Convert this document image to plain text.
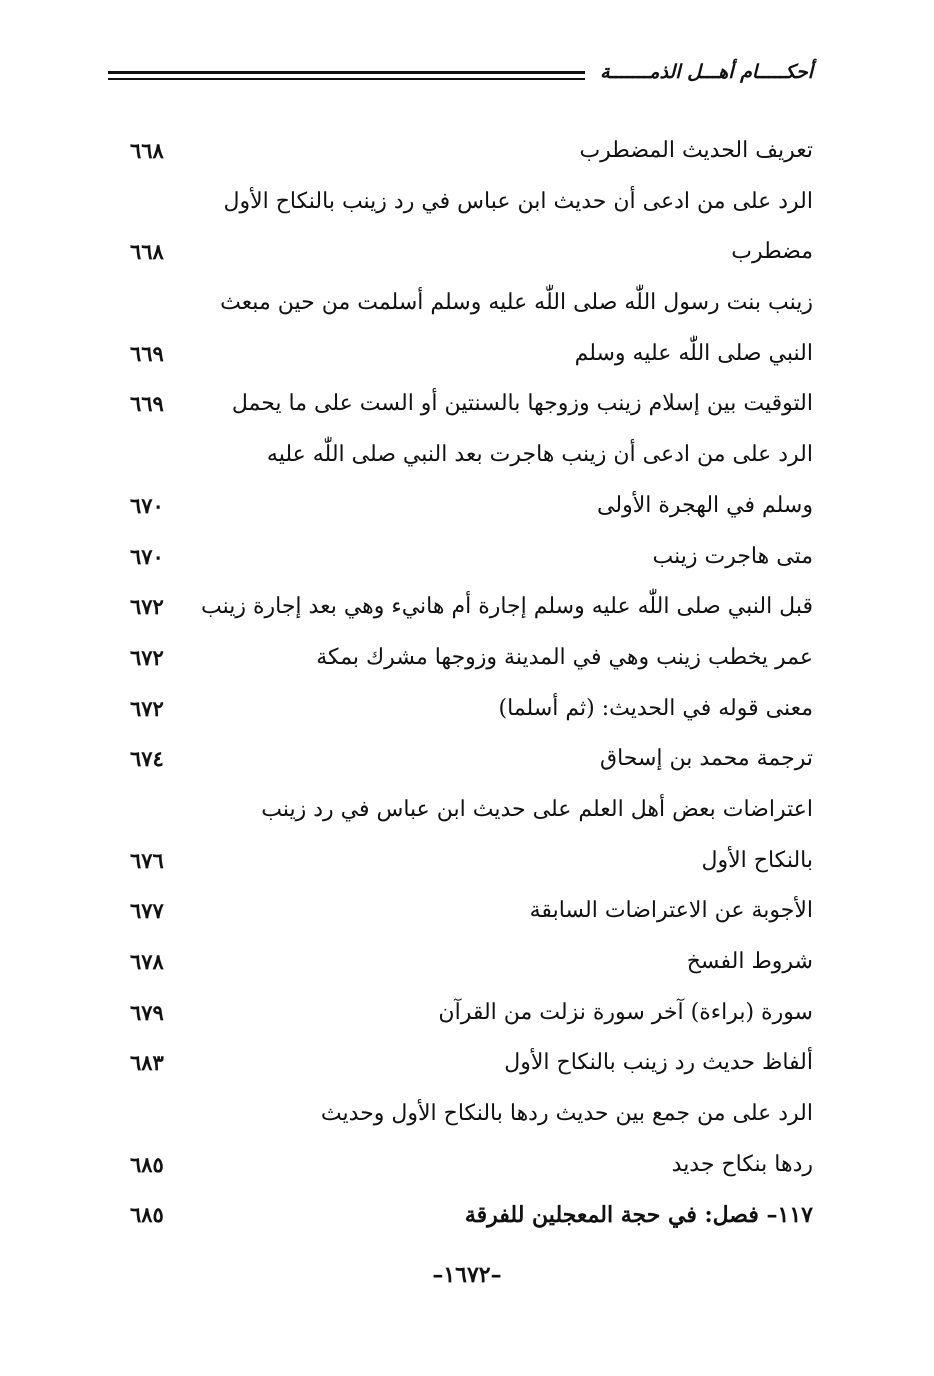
أحكـــــام أهـــل الذمـــــــة
تعريف الحديث المضطرب
٦٦٨
الرد على من ادعى أن حديث ابن عباس في رد زينب بالنكاح الأول
مضطرب
٦٦٨
زينب بنت رسول اللّٰه صلى اللّٰه عليه وسلم أسلمت من حين مبعث
النبي صلى اللّٰه عليه وسلم
٦٦٩
التوقيت بين إسلام زينب وزوجها بالسنتين أو الست على ما يحمل
٦٦٩
الرد على من ادعى أن زينب هاجرت بعد النبي صلى اللّٰه عليه
وسلم في الهجرة الأولى
٦٧٠
متى هاجرت زينب
٦٧٠
قبل النبي صلى اللّٰه عليه وسلم إجارة أم هانيء وهي بعد إجارة زينب
٦٧٢
عمر يخطب زينب وهي في المدينة وزوجها مشرك بمكة
٦٧٢
معنى قوله في الحديث: (ثم أسلما)
٦٧٢
ترجمة محمد بن إسحاق
٦٧٤
اعتراضات بعض أهل العلم على حديث ابن عباس في رد زينب
بالنكاح الأول
٦٧٦
الأجوبة عن الاعتراضات السابقة
٦٧٧
شروط الفسخ
٦٧٨
سورة (براءة) آخر سورة نزلت من القرآن
٦٧٩
ألفاظ حديث رد زينب بالنكاح الأول
٦٨٣
الرد على من جمع بين حديث ردها بالنكاح الأول وحديث
ردها بنكاح جديد
٦٨٥
١١٧– فصل: في حجة المعجلين للفرقة
٦٨٥
–١٦٧٢–
